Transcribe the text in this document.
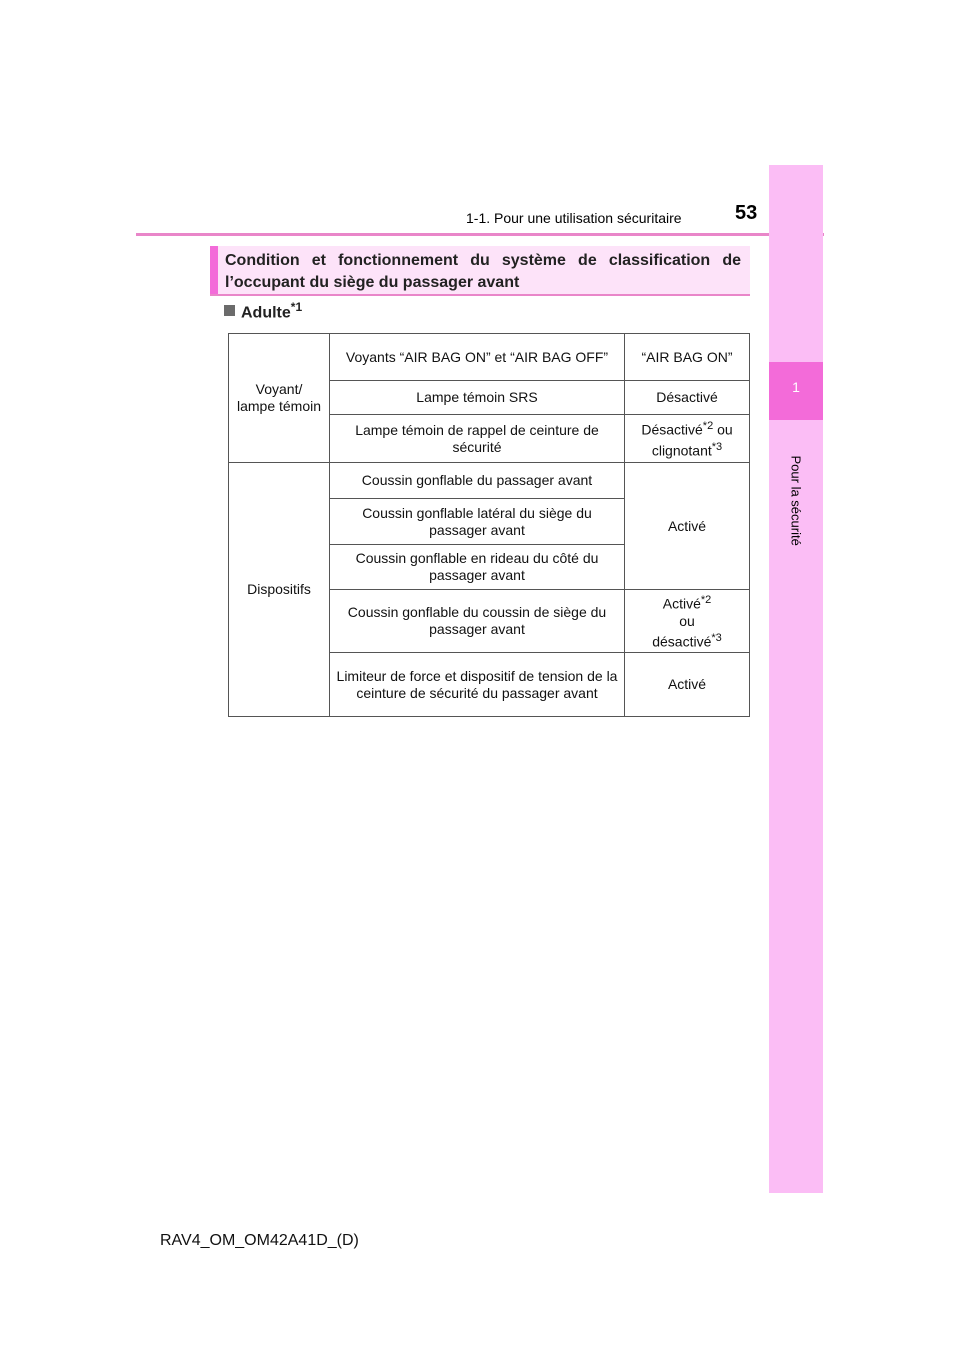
1-1. Pour une utilisation sécuritaire	53
1
Pour la sécurité
Condition et fonctionnement du système de classification de l’occupant du siège du passager avant
Adulte$^{*1}$
Voyant/ lampe témoin	Voyants “AIR BAG ON” et “AIR BAG OFF”	“AIR BAG ON”
	Lampe témoin SRS	Désactivé
	Lampe témoin de rappel de ceinture de sécurité	Désactivé$^{*2}$ ou clignotant$^{*3}$
Dispositifs	Coussin gonflable du passager avant	Activé
	Coussin gonflable latéral du siège du passager avant	
	Coussin gonflable en rideau du côté du passager avant	
	Coussin gonflable du coussin de siège du passager avant	Activé$^{*2}$
ou
désactivé$^{*3}$
	Limiteur de force et dispositif de tension de la ceinture de sécurité du passager avant	Activé
RAV4_OM_OM42A41D_(D)
